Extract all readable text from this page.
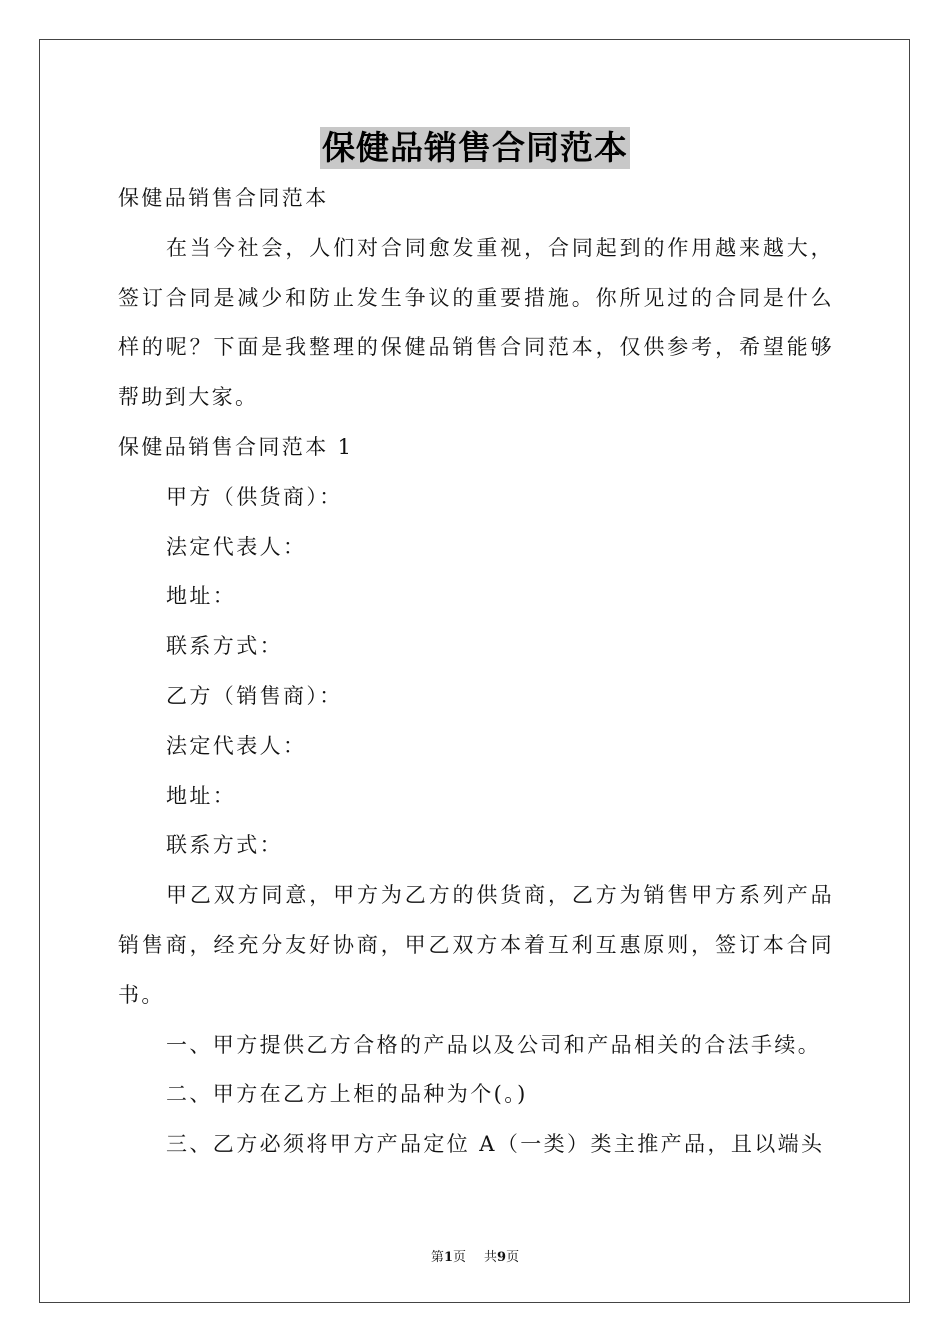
保健品销售合同范本

保健品销售合同范本

在当今社会，人们对合同愈发重视，合同起到的作用越来越大，签订合同是减少和防止发生争议的重要措施。你所见过的合同是什么样的呢？下面是我整理的保健品销售合同范本，仅供参考，希望能够帮助到大家。

保健品销售合同范本 1

甲方（供货商）：

法定代表人：

地址：

联系方式：

乙方（销售商）：

法定代表人：

地址：

联系方式：

甲乙双方同意，甲方为乙方的供货商，乙方为销售甲方系列产品销售商，经充分友好协商，甲乙双方本着互利互惠原则，签订本合同书。

一、甲方提供乙方合格的产品以及公司和产品相关的合法手续。

二、甲方在乙方上柜的品种为个(。)

三、乙方必须将甲方产品定位 A（一类）类主推产品，且以端头

第1页 共9页
